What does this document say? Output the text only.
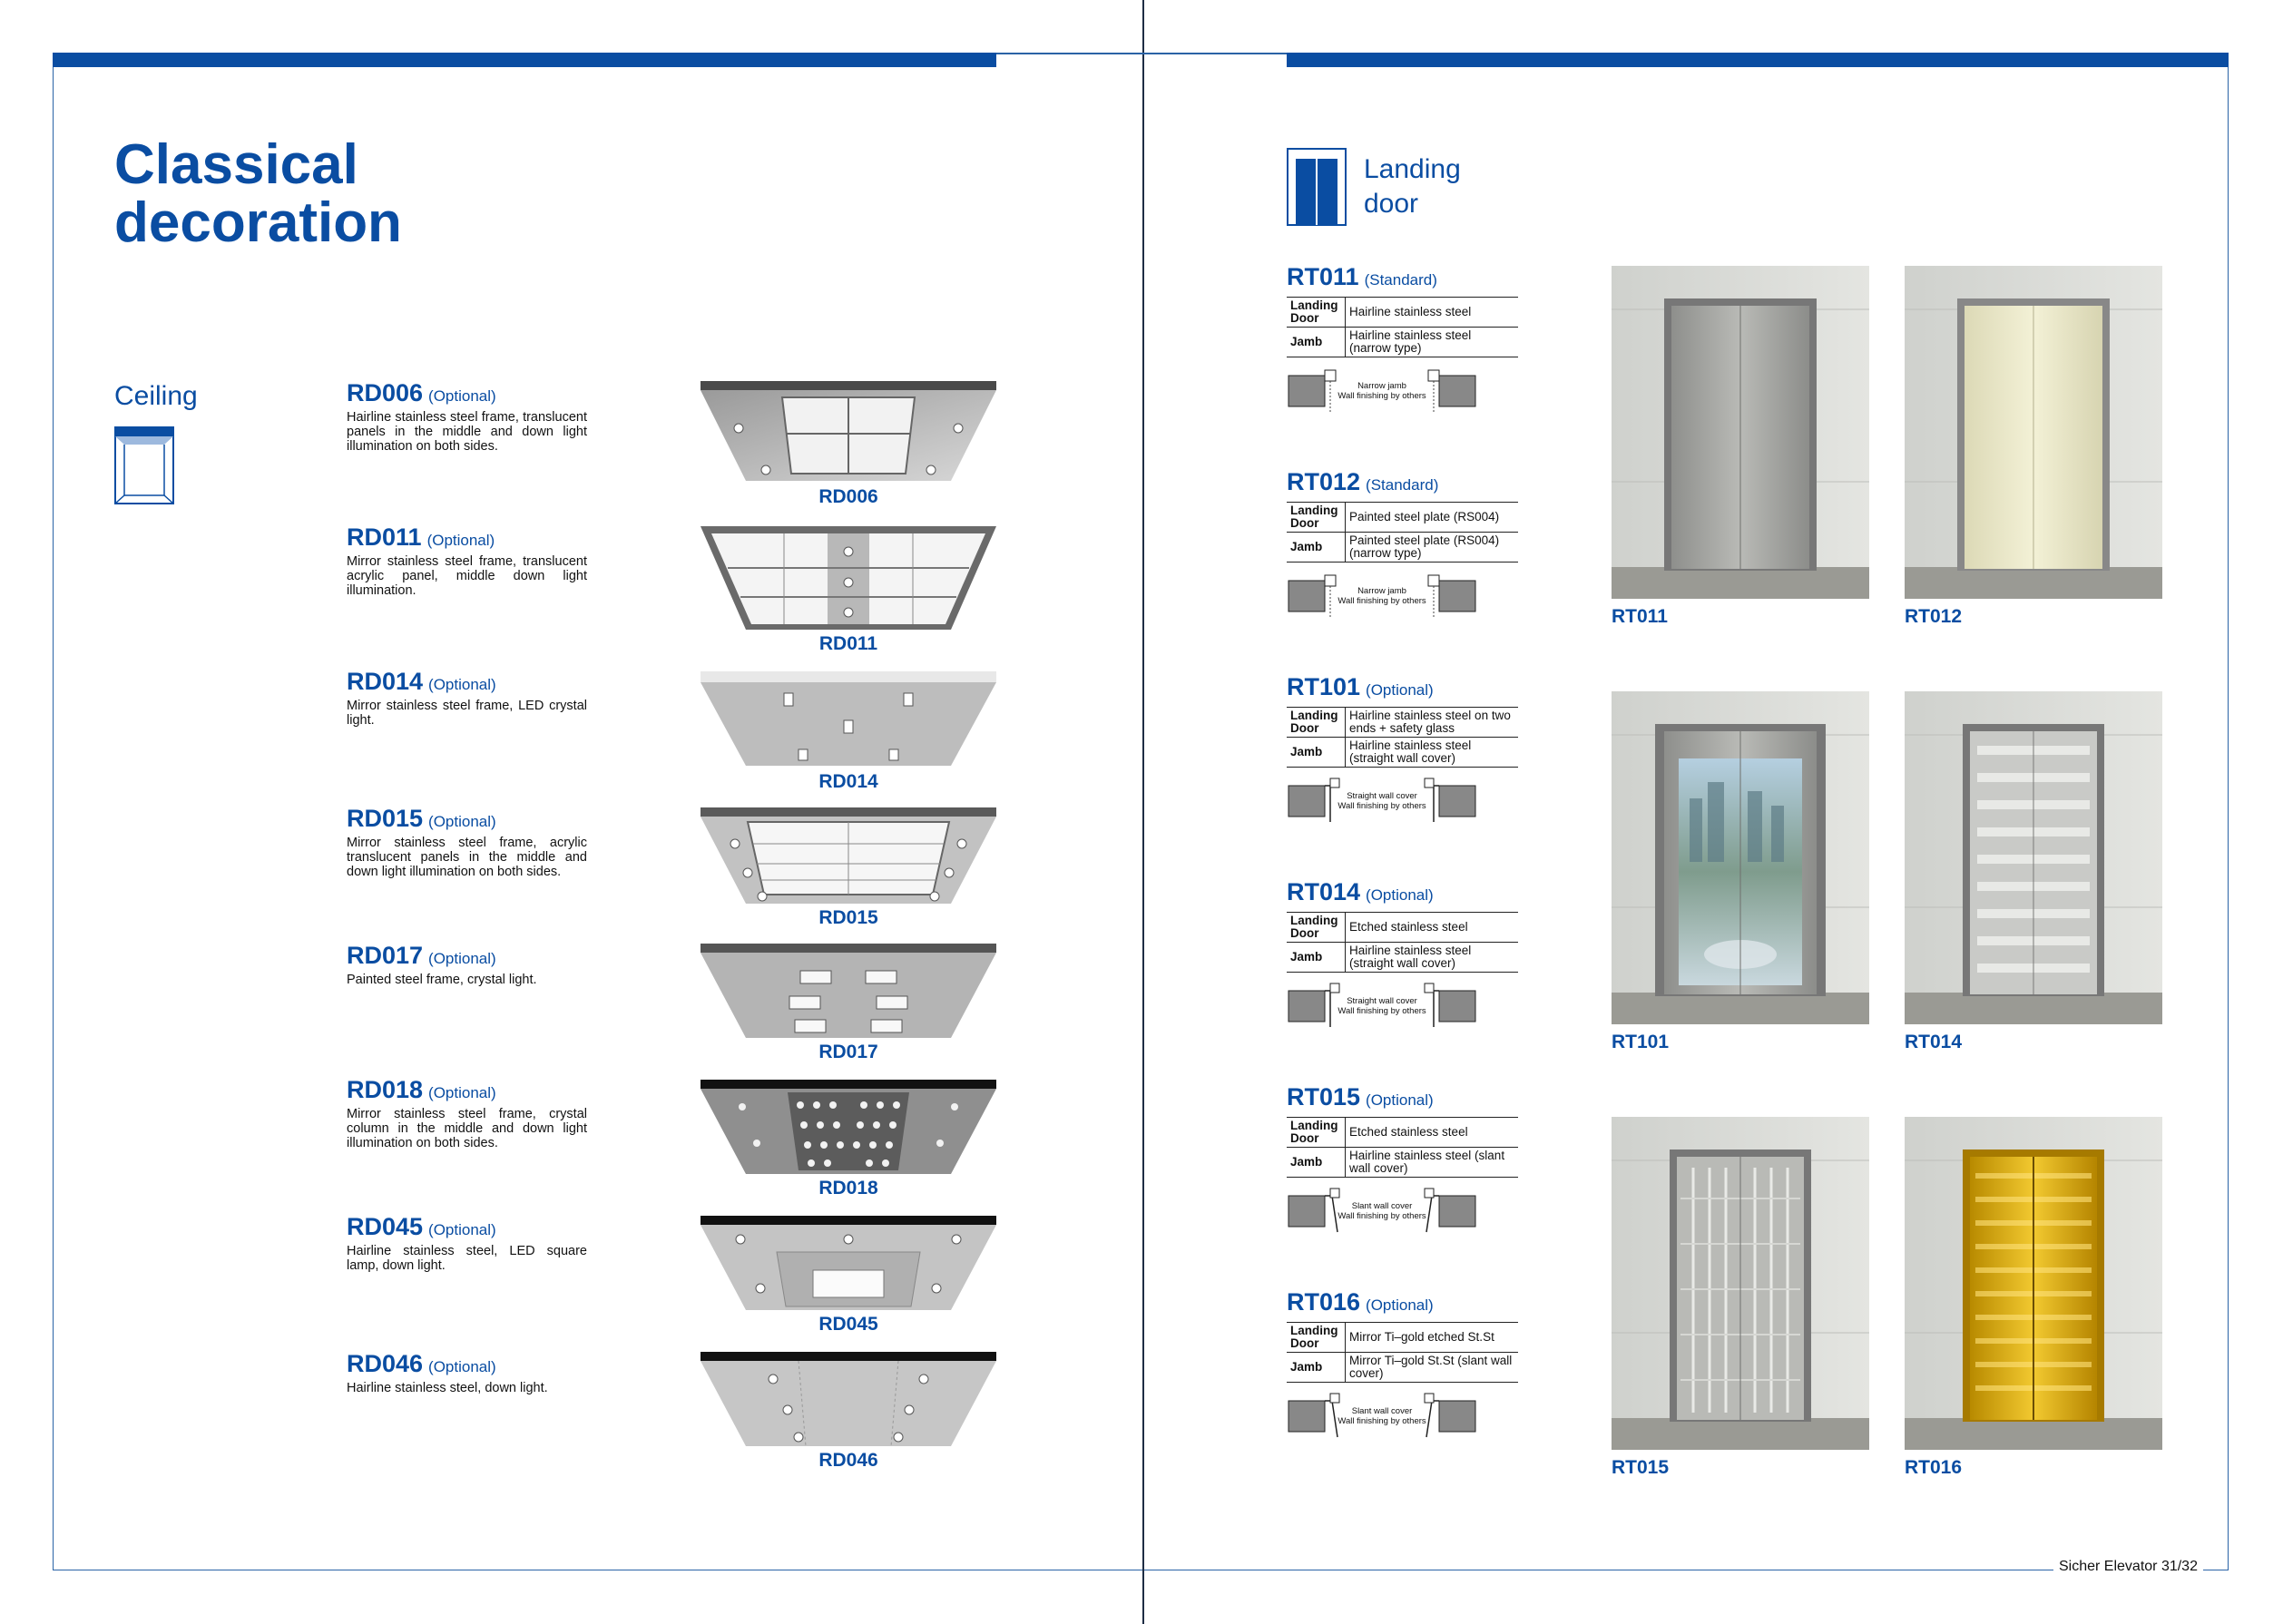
Classical
decoration
Ceiling	RD006 (Optional)
Hairline stainless steel frame, translucent panels in the middle and down light illumination on both sides.
RD011 (Optional)
Mirror stainless steel frame, translucent acrylic panel, middle down light illumination.
RD014 (Optional)
Mirror stainless steel frame, LED crystal light.
RD015 (Optional)
Mirror stainless steel frame, acrylic translucent panels in the middle and down light illumination on both sides.
RD017 (Optional)
Painted steel frame, crystal light.
RD018 (Optional)
Mirror stainless steel frame, crystal column in the middle and down light illumination on both sides.
RD045 (Optional)
Hairline stainless steel, LED square lamp, down light.
RD046 (Optional)
Hairline stainless steel, down light.
RD006
RD011
RD014
RD015
RD017
RD018
RD045
RD046
Landing
door
RT011 (Standard)
Landing Door	Hairline stainless steel
Jamb	Hairline stainless steel (narrow type)
Narrow jamb
Wall finishing by others
RT012 (Standard)
Landing Door	Painted steel plate (RS004)
Jamb	Painted steel plate (RS004) (narrow type)
Narrow jamb
Wall finishing by others
RT101 (Optional)
Landing Door	Hairline stainless steel on two ends + safety glass
Jamb	Hairline stainless steel (straight wall cover)
Straight wall cover
Wall finishing by others
RT014 (Optional)
Landing Door	Etched stainless steel
Jamb	Hairline stainless steel (straight wall cover)
Straight wall cover
Wall finishing by others
RT015 (Optional)
Landing Door	Etched stainless steel
Jamb	Hairline stainless steel (slant wall cover)
Slant wall cover
Wall finishing by others
RT016 (Optional)
Landing Door	Mirror Ti–gold etched St.St
Jamb	Mirror Ti–gold St.St (slant wall cover)
Slant wall cover
Wall finishing by others
RT011	RT012
RT101	RT014
RT015	RT016
Sicher Elevator 31/32
